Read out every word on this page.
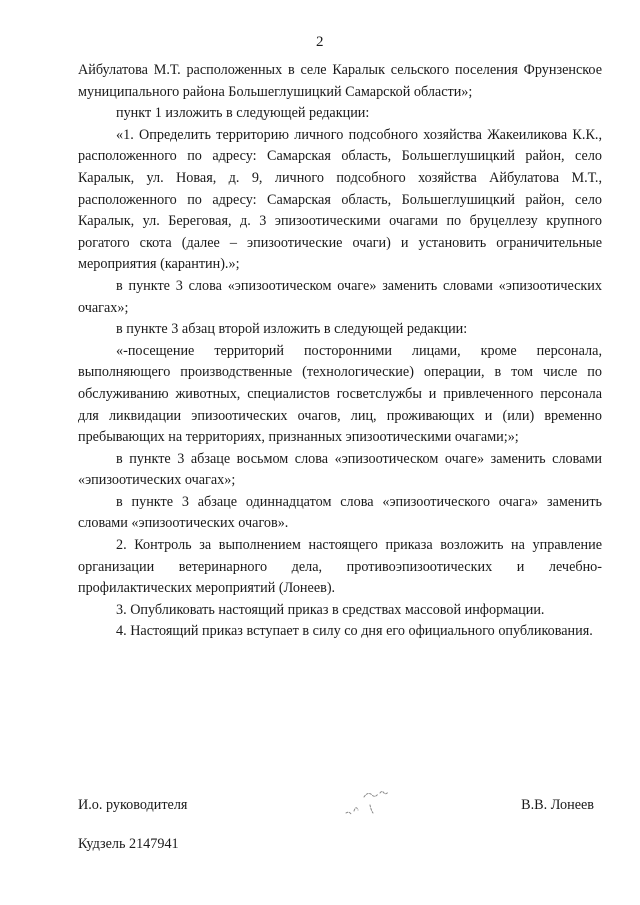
2

Айбулатова М.Т. расположенных в селе Каралык сельского поселения Фрунзенское муниципального района Большеглушицкий Самарской области»;

пункт 1 изложить в следующей редакции:

«1. Определить территорию личного подсобного хозяйства Жакеиликова К.К., расположенного по адресу: Самарская область, Большеглушицкий район, село Каралык, ул. Новая, д. 9, личного подсобного хозяйства Айбулатова М.Т., расположенного по адресу: Самарская область, Большеглушицкий район, село Каралык, ул. Береговая, д. 3 эпизоотическими очагами по бруцеллезу крупного рогатого скота (далее – эпизоотические очаги) и установить ограничительные мероприятия (карантин).»;

в пункте 3 слова «эпизоотическом очаге» заменить словами «эпизоотических очагах»;

в пункте 3 абзац второй изложить в следующей редакции:

«-посещение территорий посторонними лицами, кроме персонала, выполняющего производственные (технологические) операции, в том числе по обслуживанию животных, специалистов госветслужбы и привлеченного персонала для ликвидации эпизоотических очагов, лиц, проживающих и (или) временно пребывающих на территориях, признанных эпизоотическими очагами;»;

в пункте 3 абзаце восьмом слова «эпизоотическом очаге» заменить словами «эпизоотических очагах»;

в пункте 3 абзаце одиннадцатом слова «эпизоотического очага» заменить словами «эпизоотических очагов».

2. Контроль за выполнением настоящего приказа возложить на управление организации ветеринарного дела, противоэпизоотических и лечебно-профилактических мероприятий (Лонеев).

3. Опубликовать настоящий приказ в средствах массовой информации.

4. Настоящий приказ вступает в силу со дня его официального опубликования.

И.о. руководителя	В.В. Лонеев
Кудзель 2147941
